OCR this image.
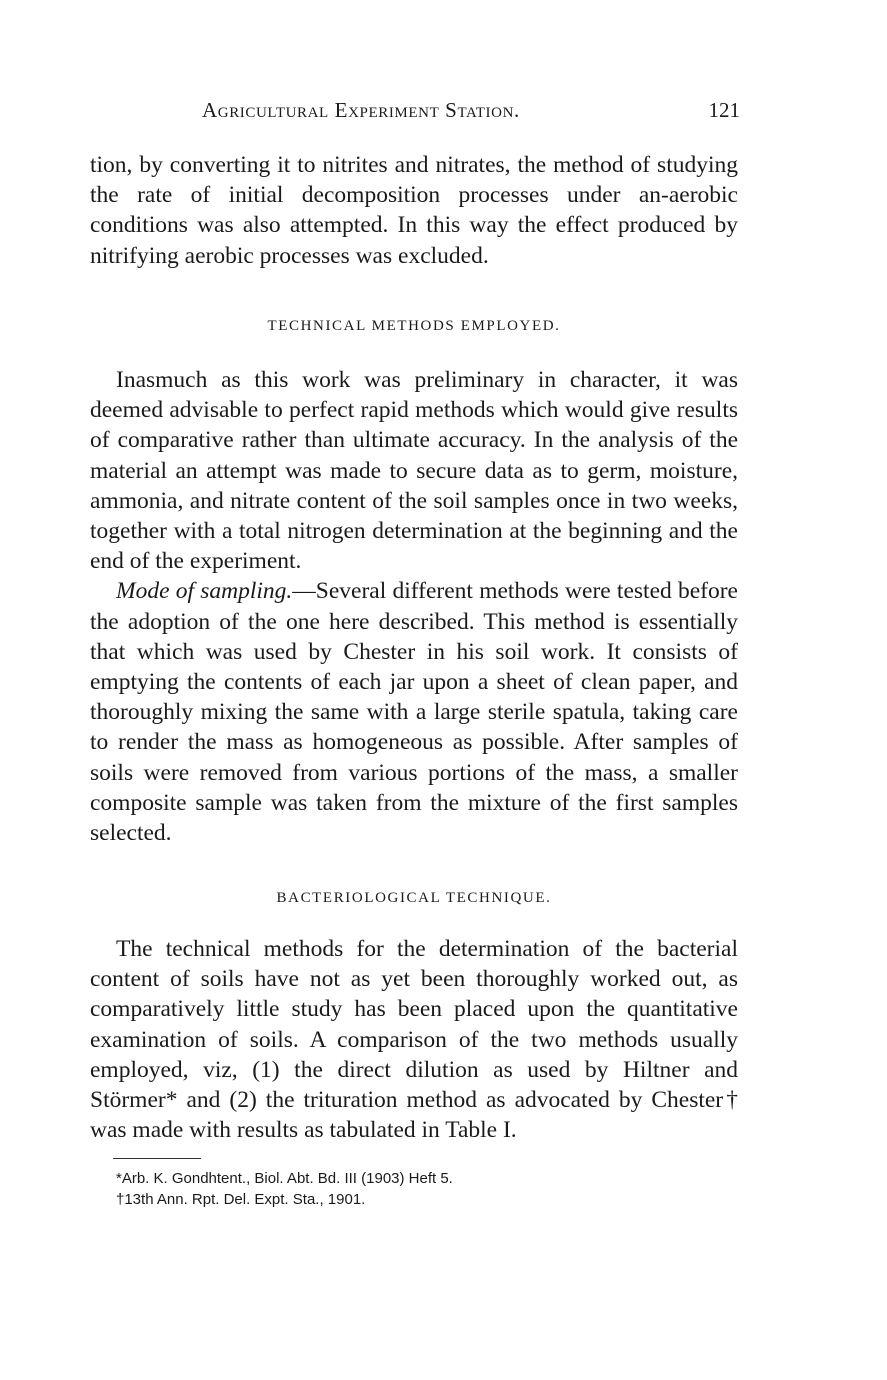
Agricultural Experiment Station.	121

tion, by converting it to nitrites and nitrates, the method of studying the rate of initial decomposition processes under an-aerobic conditions was also attempted. In this way the effect produced by nitrifying aerobic processes was excluded.

TECHNICAL METHODS EMPLOYED.

Inasmuch as this work was preliminary in character, it was deemed advisable to perfect rapid methods which would give results of comparative rather than ultimate accuracy. In the analysis of the material an attempt was made to secure data as to germ, moisture, ammonia, and nitrate content of the soil samples once in two weeks, together with a total nitrogen determination at the beginning and the end of the experiment.

Mode of sampling.—Several different methods were tested before the adoption of the one here described. This method is essentially that which was used by Chester in his soil work. It consists of emptying the contents of each jar upon a sheet of clean paper, and thoroughly mixing the same with a large sterile spatula, taking care to render the mass as homogeneous as possible. After samples of soils were removed from various portions of the mass, a smaller composite sample was taken from the mixture of the first samples selected.

BACTERIOLOGICAL TECHNIQUE.

The technical methods for the determination of the bacterial content of soils have not as yet been thoroughly worked out, as comparatively little study has been placed upon the quantitative examination of soils. A comparison of the two methods usually employed, viz, (1) the direct dilution as used by Hiltner and Störmer* and (2) the trituration method as advocated by Chester† was made with results as tabulated in Table I.

*Arb. K. Gondhtent., Biol. Abt. Bd. III (1903) Heft 5.

†13th Ann. Rpt. Del. Expt. Sta., 1901.
